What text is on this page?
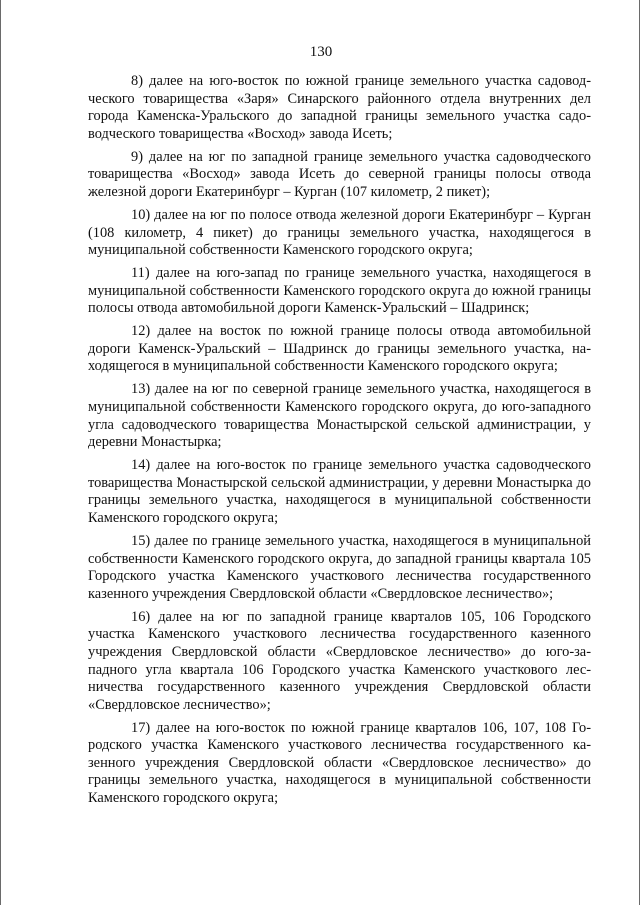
130

8) далее на юго-восток по южной границе земельного участка садоводческого товарищества «Заря» Синарского районного отдела внутренних дел города Каменска-Уральского до западной границы земельного участка садоводческого товарищества «Восход» завода Исеть;

9) далее на юг по западной границе земельного участка садоводческого товарищества «Восход» завода Исеть до северной границы полосы отвода железной дороги Екатеринбург – Курган (107 километр, 2 пикет);

10) далее на юг по полосе отвода железной дороги Екатеринбург – Курган (108 километр, 4 пикет) до границы земельного участка, находящегося в муниципальной собственности Каменского городского округа;

11) далее на юго-запад по границе земельного участка, находящегося в муниципальной собственности Каменского городского округа до южной границы полосы отвода автомобильной дороги Каменск-Уральский – Шадринск;

12) далее на восток по южной границе полосы отвода автомобильной дороги Каменск-Уральский – Шадринск до границы земельного участка, находящегося в муниципальной собственности Каменского городского округа;

13) далее на юг по северной границе земельного участка, находящегося в муниципальной собственности Каменского городского округа, до юго-западного угла садоводческого товарищества Монастырской сельской администрации, у деревни Монастырка;

14) далее на юго-восток по границе земельного участка садоводческого товарищества Монастырской сельской администрации, у деревни Монастырка до границы земельного участка, находящегося в муниципальной собственности Каменского городского округа;

15) далее по границе земельного участка, находящегося в муниципальной собственности Каменского городского округа, до западной границы квартала 105 Городского участка Каменского участкового лесничества государственного казенного учреждения Свердловской области «Свердловское лесничество»;

16) далее на юг по западной границе кварталов 105, 106 Городского участка Каменского участкового лесничества государственного казенного учреждения Свердловской области «Свердловское лесничество» до юго-западного угла квартала 106 Городского участка Каменского участкового лесничества государственного казенного учреждения Свердловской области «Свердловское лесничество»;

17) далее на юго-восток по южной границе кварталов 106, 107, 108 Городского участка Каменского участкового лесничества государственного казенного учреждения Свердловской области «Свердловское лесничество» до границы земельного участка, находящегося в муниципальной собственности Каменского городского округа;
